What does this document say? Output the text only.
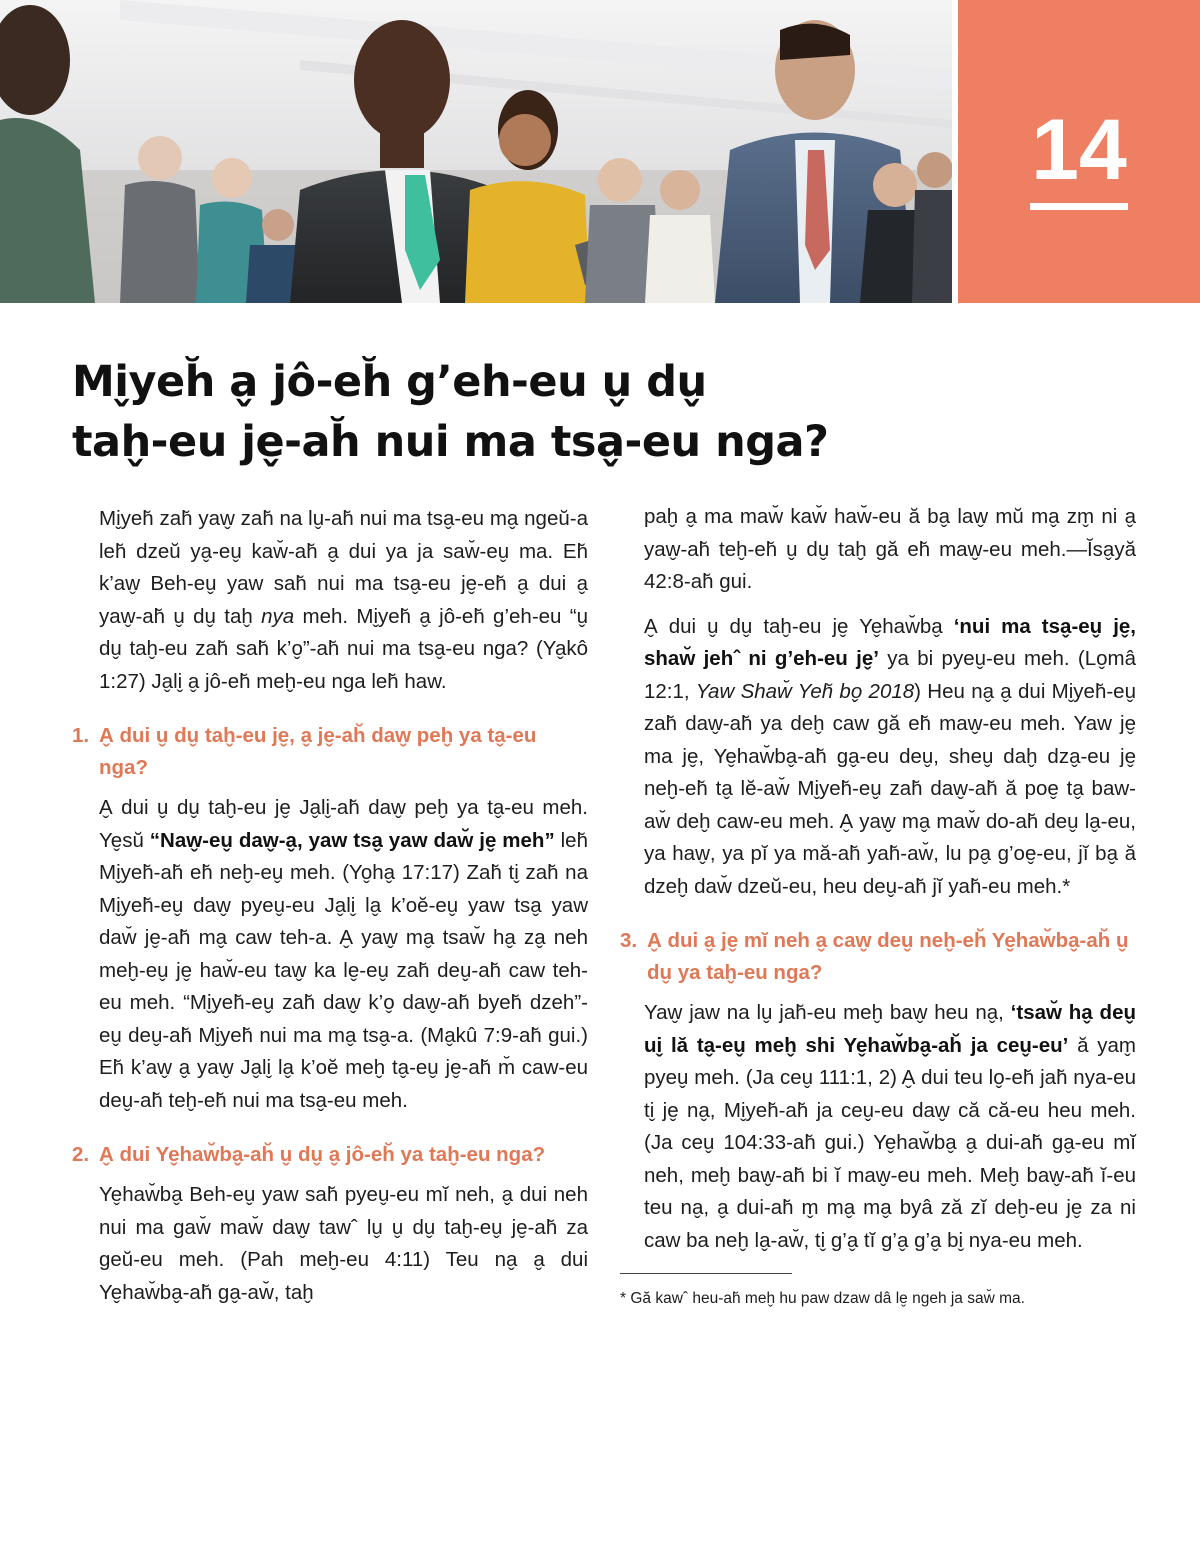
14
Mi̬yeh̆ a̬ jô-eh̆ g’eh-eu u̬ du̬
tah̬-eu je̬-ah̆ nui ma tsa̬-eu nga?

Mi̬yeh̆ zah̆ yaw̬ zah̆ na lu̬-ah̆ nui ma tsa̬-eu ma̬ ngeŭ-a leh̆ dzeŭ ya̬-eu̬ kaw̆-ah̆ a̬ dui ya ja saw̆-eu̬ ma. Eh̆ k’aw̬ Beh-eu̬ yaw sah̆ nui ma tsa̬-eu je̬-eh̆ a̬ dui a̬ yaw̬-ah̆ u̬ du̬ tah̬ nya meh. Mi̬yeh̆ a̬ jô-eh̆ g’eh-eu “u̬ du̬ tah̬-eu zah̆ sah̆ k’o̬”-ah̆ nui ma tsa̬-eu nga? (Ya̬kô 1:27) Ja̬li̬ a̬ jô-eh̆ meh̬-eu nga leh̆ haw.

1. A̬ dui u̬ du̬ tah̬-eu je̬, a̬ je̬-ah̆ daw̬ peh̬ ya ta̬-eu nga?

A̬ dui u̬ du̬ tah̬-eu je̬ Ja̬li̬-ah̆ daw̬ peh̬ ya ta̬-eu meh. Ye̬sŭ “Naw̬-eu̬ daw̬-a̬, yaw tsa̬ yaw daw̆ je̬ meh” leh̆ Mi̬yeh̆-ah̆ eh̆ neh̬-eu̬ meh. (Yo̬ha̬ 17:17) Zah̆ ti̬ zah̆ na Mi̬yeh̆-eu̬ daw̬ pyeu̬-eu Ja̬li̬ la̬ k’oĕ-eu̬ yaw tsa̬ yaw daw̆ je̬-ah̆ ma̬ caw teh-a. A̬ yaw̬ ma̬ tsaw̆ ha̬ za̬ neh meh̬-eu̬ je̬ haw̆-eu taw̬ ka le̬-eu̬ zah̆ deu̬-ah̆ caw teh-eu meh. “Mi̬yeh̆-eu̬ zah̆ daw̬ k’o̬ daw̬-ah̆ byeh̆ dzeh”-eu̬ deu̬-ah̆ Mi̬yeh̆ nui ma ma̬ tsa̬-a. (Ma̬kû 7:9-ah̆ gui.) Eh̆ k’aw̬ a̬ yaw̬ Ja̬li̬ la̬ k’oĕ meh̬ ta̬-eu̬ je̬-ah̆ m̆ caw-eu deu̬-ah̆ teh̬-eh̆ nui ma tsa̬-eu meh.

2. A̬ dui Ye̬haw̆ba̬-ah̆ u̬ du̬ a̬ jô-eh̆ ya tah̬-eu nga?

Ye̬haw̆ba̬ Beh-eu̬ yaw sah̆ pyeu̬-eu mĭ neh, a̬ dui neh nui ma gaw̆ maw̆ daw̬ tawˆ lu̬ u̬ du̬ tah̬-eu̬ je̬-ah̆ za geŭ-eu meh. (Pah meh̬-eu 4:11) Teu na̬ a̬ dui Ye̬haw̆ba̬-ah̆ ga̬-aw̆, tah̬

pah̬ a̬ ma maw̆ kaw̆ haw̆-eu ă ba̬ law̬ mŭ ma̬ zm̬ ni a̬ yaw̬-ah̆ teh̬-eh̆ u̬ du̬ tah̬ gă eh̆ maw̬-eu meh.—Ĭsa̬yă 42:8-ah̆ gui.

A̬ dui u̬ du̬ tah̬-eu je̬ Ye̬haw̆ba̬ ‘nui ma tsa̬-eu̬ je̬, shaw̆ jehˆ ni g’eh-eu je̬’ ya bi pyeu̬-eu meh. (Lo̬mâ 12:1, Yaw Shaw̆ Yeh̆ bo̬ 2018) Heu na̬ a̬ dui Mi̬yeh̆-eu̬ zah̆ daw̬-ah̆ ya deh̬ caw gă eh̆ maw̬-eu meh. Yaw je̬ ma je̬, Ye̬haw̆ba̬-ah̆ ga̬-eu deu̬, sheu̬ dah̬ dza̬-eu je̬ neh̬-eh̆ ta̬ lĕ-aw̆ Mi̬yeh̆-eu̬ zah̆ daw̬-ah̆ ă poe̬ ta̬ baw-aw̆ deh̬ caw-eu meh. A̬ yaw̬ ma̬ maw̆ do-ah̆ deu̬ la̬-eu, ya haw̬, ya pĭ ya mă-ah̆ yah̆-aw̆, lu pa̬ g’oe̬-eu, jĭ ba̬ ă dzeh̬ daw̆ dzeŭ-eu, heu deu̬-ah̆ jĭ yah̆-eu meh.*

3. A̬ dui a̬ je̬ mĭ neh a̬ caw̬ deu̬ neh̬-eh̆ Ye̬haw̆ba̬-ah̆ u̬ du̬ ya tah̬-eu nga?

Yaw̬ jaw na lu̬ jah̆-eu meh̬ baw̬ heu na̬, ‘tsaw̆ ha̬ deu̬ ui̬ lă ta̬-eu̬ meh̬ shi Ye̬haw̆ba̬-ah̆ ja ceu̬-eu’ ă yam̬ pyeu̬ meh. (Ja ceu̬ 111:1, 2) A̬ dui teu lo̬-eh̆ jah̆ nya-eu ti̬ je̬ na̬, Mi̬yeh̆-ah̆ ja ceu̬-eu daw̬ că că-eu heu meh. (Ja ceu̬ 104:33-ah̆ gui.) Ye̬haw̆ba̬ a̬ dui-ah̆ ga̬-eu mĭ neh, meh̬ baw̬-ah̆ bi ĭ maw̬-eu meh. Meh̬ baw̬-ah̆ ĭ-eu teu na̬, a̬ dui-ah̆ m̬ ma̬ ma̬ byâ ză zĭ deh̬-eu je̬ za ni caw ba neh̬ la̬-aw̆, ti̬ g’a̬ tĭ g’a̬ g’a̬ bi̬ nya-eu meh.

* Gă kawˆ heu-ah̆ meh̬ hu paw dzaw dâ le̬ ngeh ja saw̆ ma.
